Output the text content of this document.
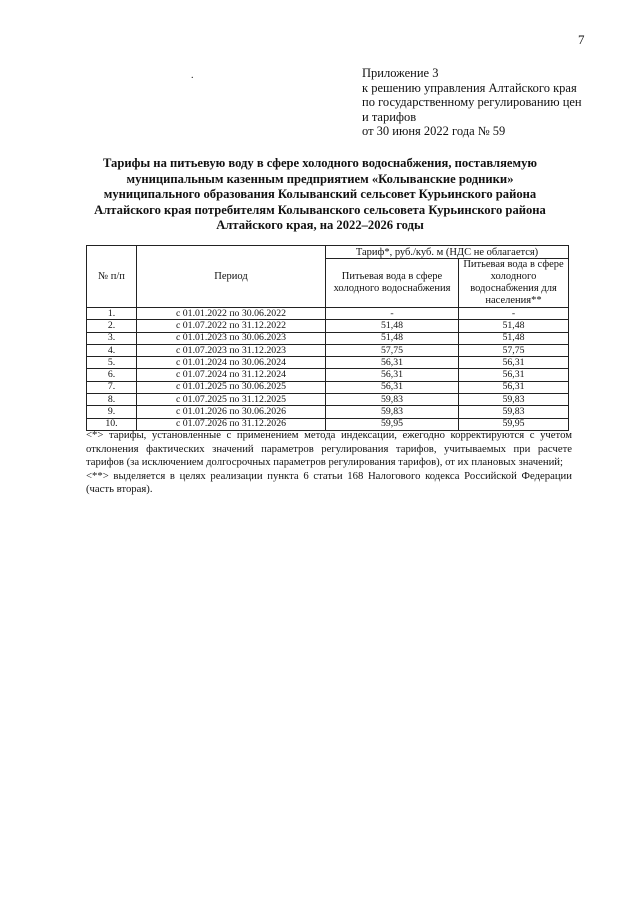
7
.	Приложение 3
к решению управления Алтайского края
по государственному регулированию цен
и тарифов
от 30 июня 2022 года № 59
Тарифы на питьевую воду в сфере холодного водоснабжения, поставляемую
муниципальным казенным предприятием «Колыванские родники»
муниципального образования Колыванский сельсовет Курьинского района
Алтайского края потребителям Колыванского сельсовета Курьинского района
Алтайского края, на 2022–2026 годы
№ п/п	Период	Тариф*, руб./куб. м (НДС не облагается)	
		Питьевая вода в сфере холодного водоснабжения	Питьевая вода в сфере холодного водоснабжения для населения**
1.	с 01.01.2022 по 30.06.2022	-	-
2.	с 01.07.2022 по 31.12.2022	51,48	51,48
3.	с 01.01.2023 по 30.06.2023	51,48	51,48
4.	с 01.07.2023 по 31.12.2023	57,75	57,75
5.	с 01.01.2024 по 30.06.2024	56,31	56,31
6.	с 01.07.2024 по 31.12.2024	56,31	56,31
7.	с 01.01.2025 по 30.06.2025	56,31	56,31
8.	с 01.07.2025 по 31.12.2025	59,83	59,83
9.	с 01.01.2026 по 30.06.2026	59,83	59,83
10.	с 01.07.2026 по 31.12.2026	59,95	59,95

<*> тарифы, установленные с применением метода индексации, ежегодно корректируются с учетом отклонения фактических значений параметров регулирования тарифов, учитываемых при расчете тарифов (за исключением долгосрочных параметров регулирования тарифов), от их плановых значений;

<**> выделяется в целях реализации пункта 6 статьи 168 Налогового кодекса Российской Федерации (часть вторая).
